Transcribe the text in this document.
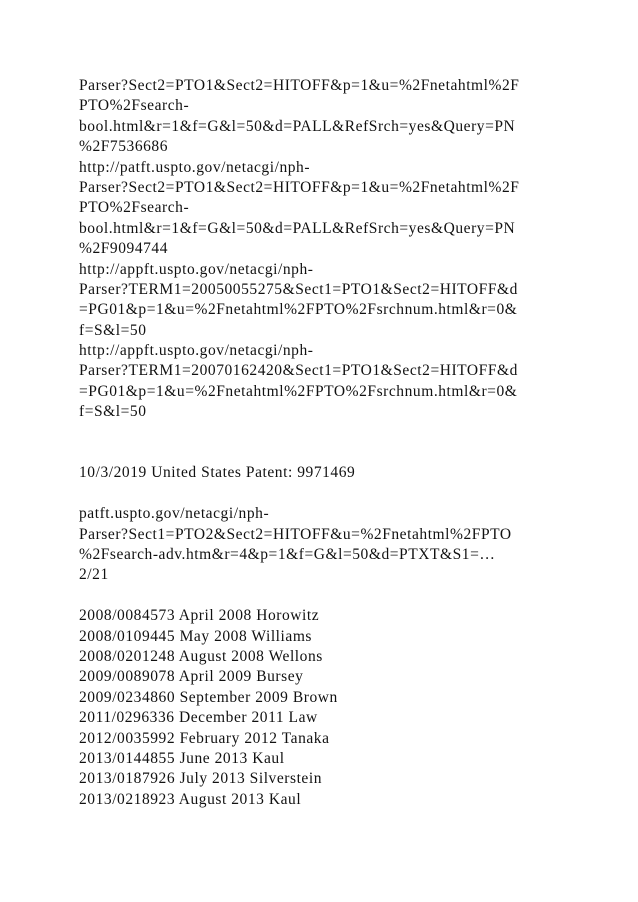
Parser?Sect2=PTO1&Sect2=HITOFF&p=1&u=%2Fnetahtml%2F
PTO%2Fsearch-
bool.html&r=1&f=G&l=50&d=PALL&RefSrch=yes&Query=PN
%2F7536686
http://patft.uspto.gov/netacgi/nph-
Parser?Sect2=PTO1&Sect2=HITOFF&p=1&u=%2Fnetahtml%2F
PTO%2Fsearch-
bool.html&r=1&f=G&l=50&d=PALL&RefSrch=yes&Query=PN
%2F9094744
http://appft.uspto.gov/netacgi/nph-
Parser?TERM1=20050055275&Sect1=PTO1&Sect2=HITOFF&d
=PG01&p=1&u=%2Fnetahtml%2FPTO%2Fsrchnum.html&r=0&
f=S&l=50
http://appft.uspto.gov/netacgi/nph-
Parser?TERM1=20070162420&Sect1=PTO1&Sect2=HITOFF&d
=PG01&p=1&u=%2Fnetahtml%2FPTO%2Fsrchnum.html&r=0&
f=S&l=50
10/3/2019 United States Patent: 9971469
patft.uspto.gov/netacgi/nph-
Parser?Sect1=PTO2&Sect2=HITOFF&u=%2Fnetahtml%2FPTO
%2Fsearch-adv.htm&r=4&p=1&f=G&l=50&d=PTXT&S1=…
2/21
2008/0084573 April 2008 Horowitz
2008/0109445 May 2008 Williams
2008/0201248 August 2008 Wellons
2009/0089078 April 2009 Bursey
2009/0234860 September 2009 Brown
2011/0296336 December 2011 Law
2012/0035992 February 2012 Tanaka
2013/0144855 June 2013 Kaul
2013/0187926 July 2013 Silverstein
2013/0218923 August 2013 Kaul
